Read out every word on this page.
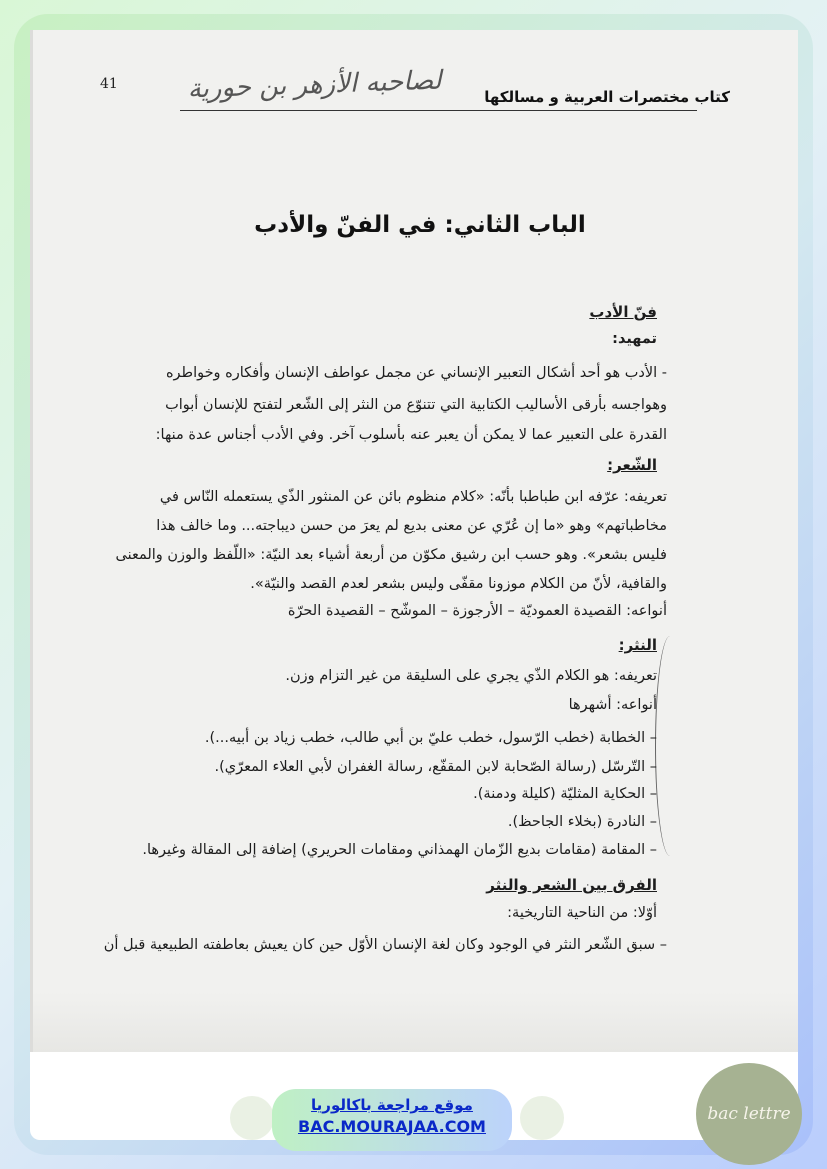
41	لصاحبه الأزهر بن حورية	كتاب مختصرات العربية و مسالكها
الباب الثاني: في الفنّ والأدب
فنّ الأدب
تمهيد:
- الأدب هو أحد أشكال التعبير الإنساني عن مجمل عواطف الإنسان وأفكاره وخواطره
وهواجسه بأرقى الأساليب الكتابية التي تتنوّع من النثر إلى الشّعر لتفتح للإنسان أبواب
القدرة على التعبير عما لا يمكن أن يعبر عنه بأسلوب آخر. وفي الأدب أجناس عدة منها:
الشّعر:
تعريفه: عرّفه ابن طباطبا بأنّه: «كلام منظوم بائن عن المنثور الذّي يستعمله النّاس في
مخاطباتهم» وهو «ما إن عُرّي عن معنى بديع لم يعرَ من حسن ديباجته... وما خالف هذا
فليس بشعر». وهو حسب ابن رشيق مكوّن من أربعة أشياء بعد النيّة: «اللّفظ والوزن والمعنى
والقافية، لأنّ من الكلام موزونا مقفّى وليس بشعر لعدم القصد والنيّة».
أنواعه: القصيدة العموديّة – الأرجوزة – الموشّح – القصيدة الحرّة
النثر:
تعريفه: هو الكلام الذّي يجري على السليقة من غير التزام وزن.
أنواعه: أشهرها
– الخطابة (خطب الرّسول، خطب عليّ بن أبي طالب، خطب زياد بن أبيه...).
– التّرسّل (رسالة الصّحابة لابن المقفّع، رسالة الغفران لأبي العلاء المعرّي).
– الحكاية المثليّة (كليلة ودمنة).
– النادرة (بخلاء الجاحظ).
– المقامة (مقامات بديع الزّمان الهمذاني ومقامات الحريري) إضافة إلى المقالة وغيرها.
الفرق بين الشعر والنثر
أوّلا: من الناحية التاريخية:
– سبق الشّعر النثر في الوجود وكان لغة الإنسان الأوّل حين كان يعيش بعاطفته الطبيعية قبل أن
موقع مراجعة باكالوريا
BAC.MOURAJAA.COM
bac lettre
